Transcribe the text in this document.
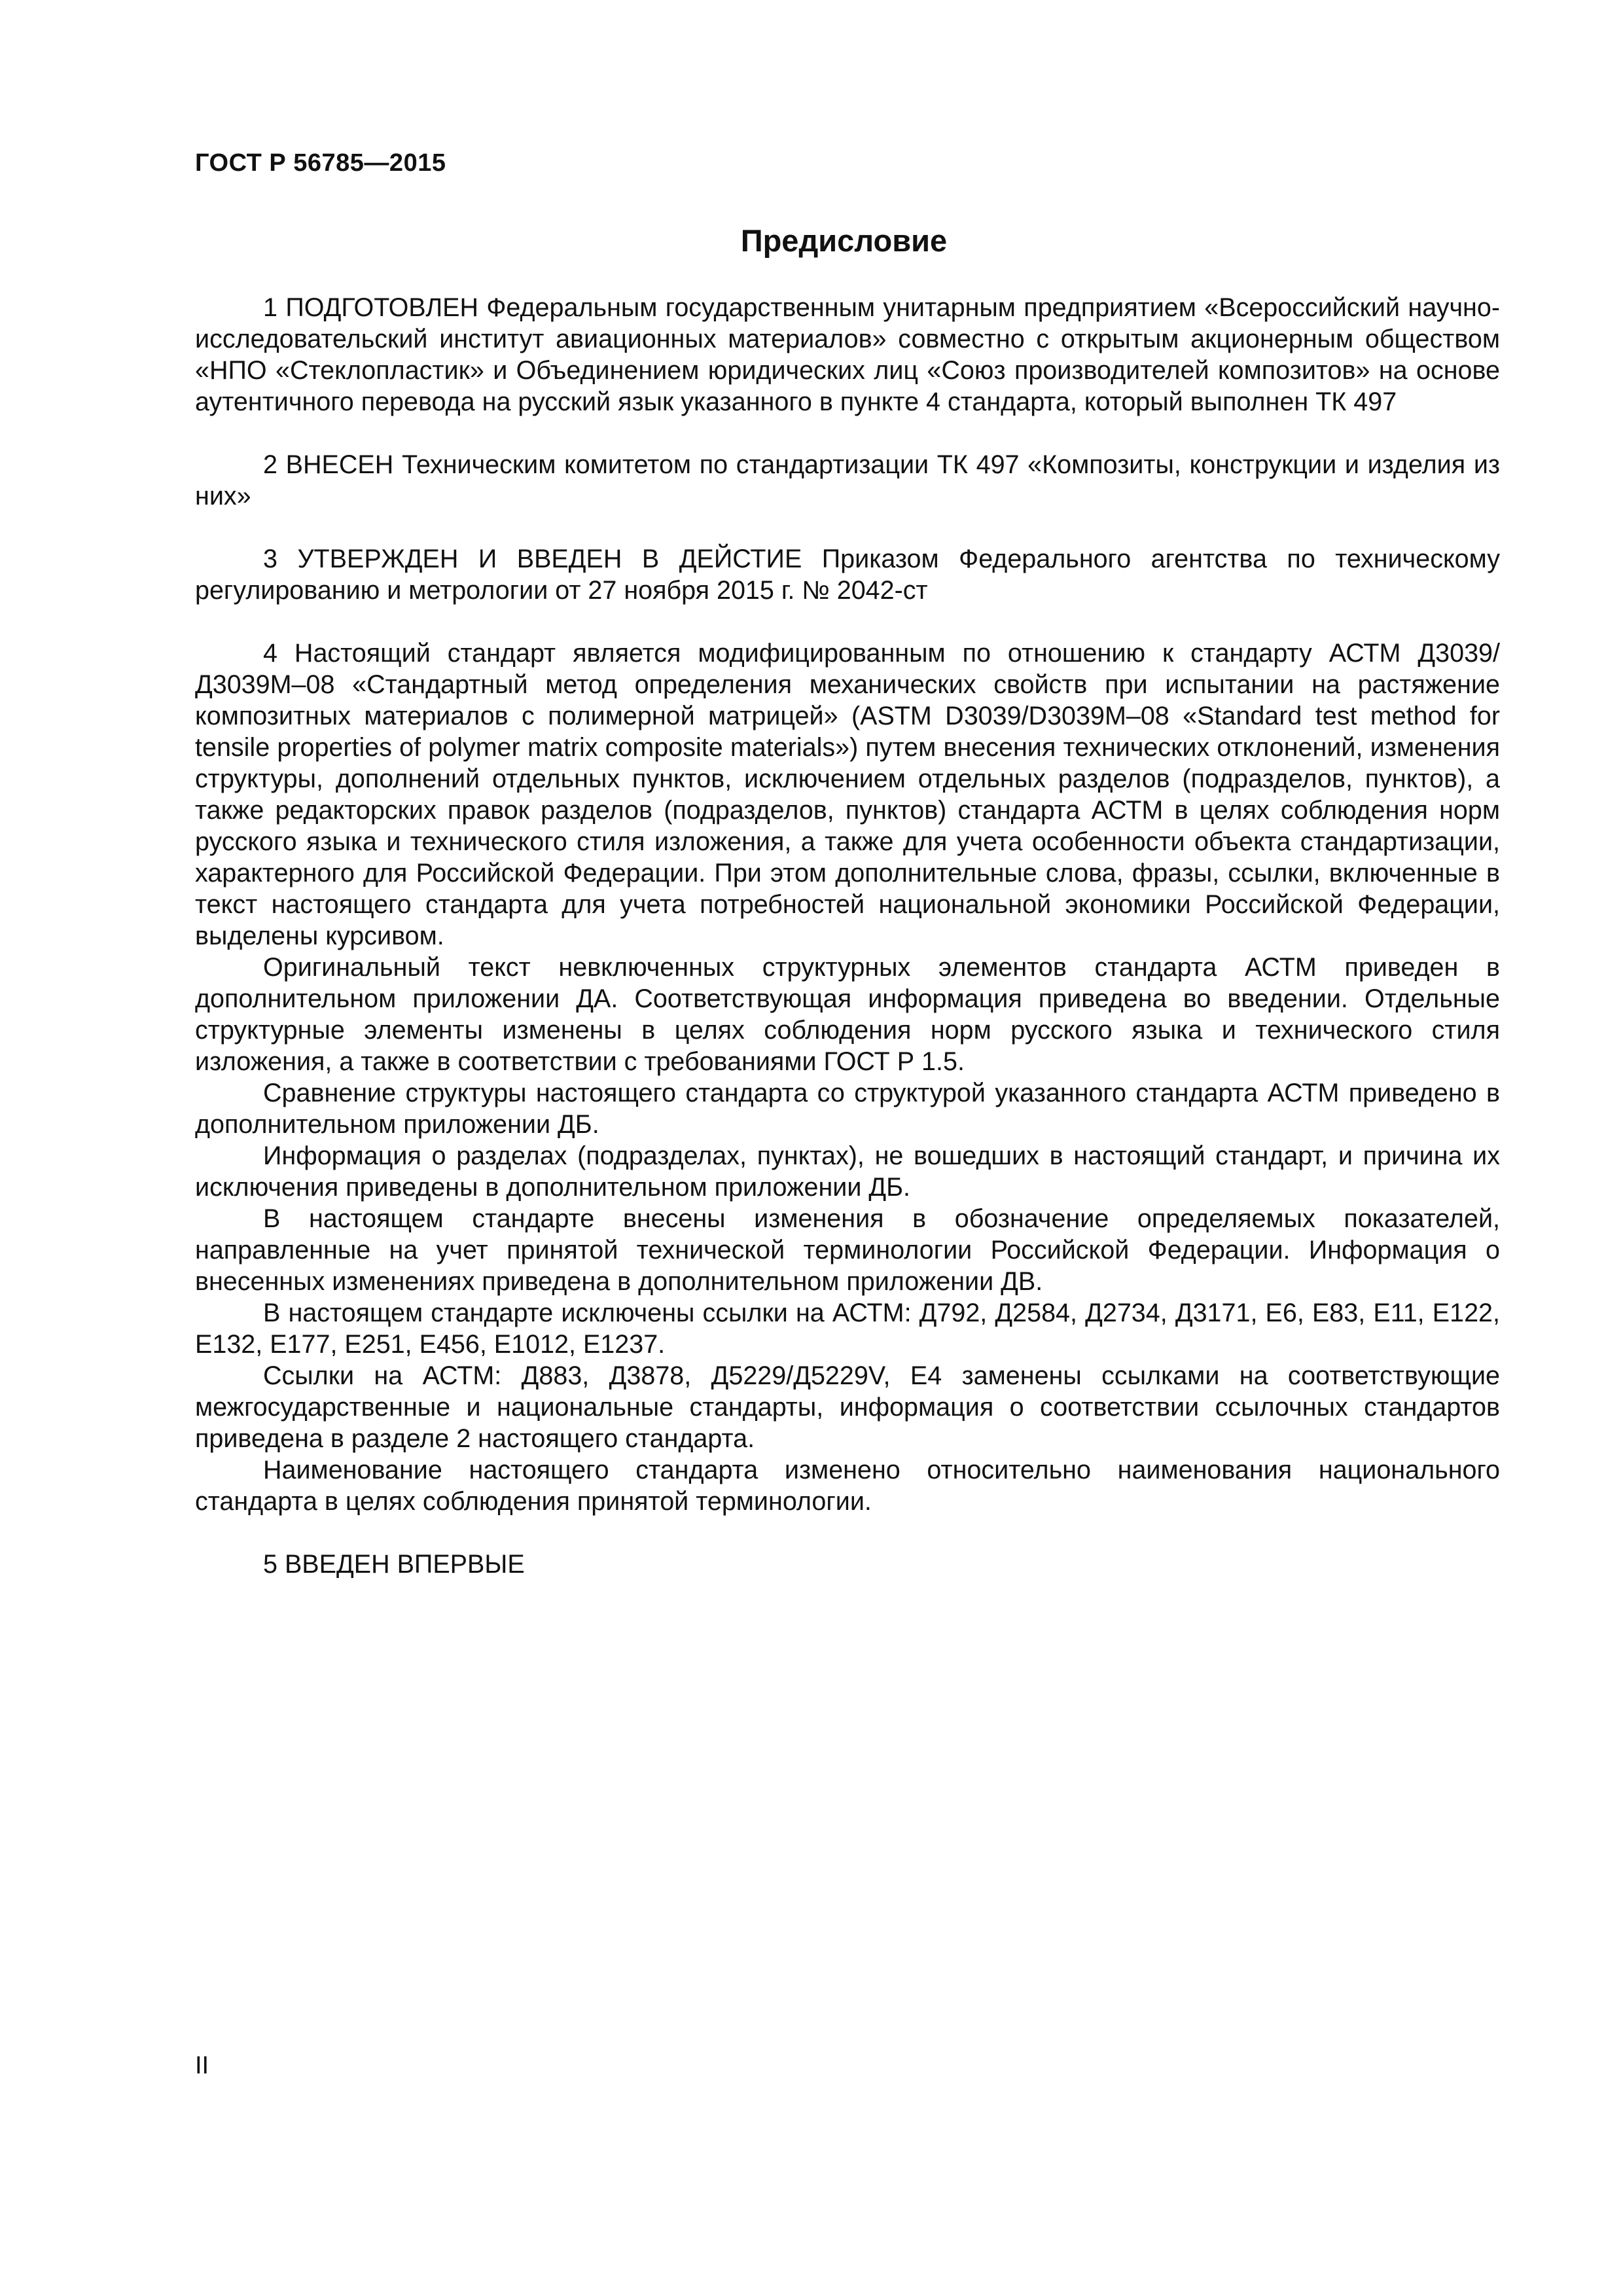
ГОСТ Р 56785—2015
Предисловие

1 ПОДГОТОВЛЕН Федеральным государственным унитарным предприятием «Всероссийский научно-исследовательский институт авиационных материалов» совместно с открытым акционерным обществом «НПО «Стеклопластик» и Объединением юридических лиц «Союз производителей композитов» на основе аутентичного перевода на русский язык указанного в пункте 4 стандарта, который выполнен ТК 497

2 ВНЕСЕН Техническим комитетом по стандартизации ТК 497 «Композиты, конструкции и изделия из них»

3 УТВЕРЖДЕН И ВВЕДЕН В ДЕЙСТИЕ Приказом Федерального агентства по техническому регулированию и метрологии от 27 ноября 2015 г. № 2042-ст

4 Настоящий стандарт является модифицированным по отношению к стандарту АСТМ Д3039/Д3039М–08 «Стандартный метод определения механических свойств при испытании на растяжение композитных материалов с полимерной матрицей» (ASTM D3039/D3039M–08 «Standard test method for tensile properties of polymer matrix composite materials») путем внесения технических отклонений, изменения структуры, дополнений отдельных пунктов, исключением отдельных разделов (подразделов, пунктов), а также редакторских правок разделов (подразделов, пунктов) стандарта АСТМ в целях соблюдения норм русского языка и технического стиля изложения, а также для учета особенности объекта стандартизации, характерного для Российской Федерации. При этом дополнительные слова, фразы, ссылки, включенные в текст настоящего стандарта для учета потребностей национальной экономики Российской Федерации, выделены курсивом.

Оригинальный текст невключенных структурных элементов стандарта АСТМ приведен в дополнительном приложении ДА. Соответствующая информация приведена во введении. Отдельные структурные элементы изменены в целях соблюдения норм русского языка и технического стиля изложения, а также в соответствии с требованиями ГОСТ Р 1.5.

Сравнение структуры настоящего стандарта со структурой указанного стандарта АСТМ приведено в дополнительном приложении ДБ.

Информация о разделах (подразделах, пунктах), не вошедших в настоящий стандарт, и причина их исключения приведены в дополнительном приложении ДБ.

В настоящем стандарте внесены изменения в обозначение определяемых показателей, направленные на учет принятой технической терминологии Российской Федерации. Информация о внесенных изменениях приведена в дополнительном приложении ДВ.

В настоящем стандарте исключены ссылки на АСТМ: Д792, Д2584, Д2734, Д3171, Е6, Е83, Е11, Е122, Е132, Е177, Е251, Е456, Е1012, Е1237.

Ссылки на АСТМ: Д883, Д3878, Д5229/Д5229V, Е4 заменены ссылками на соответствующие межгосударственные и национальные стандарты, информация о соответствии ссылочных стандартов приведена в разделе 2 настоящего стандарта.

Наименование настоящего стандарта изменено относительно наименования национального стандарта в целях соблюдения принятой терминологии.

5 ВВЕДЕН ВПЕРВЫЕ

II
